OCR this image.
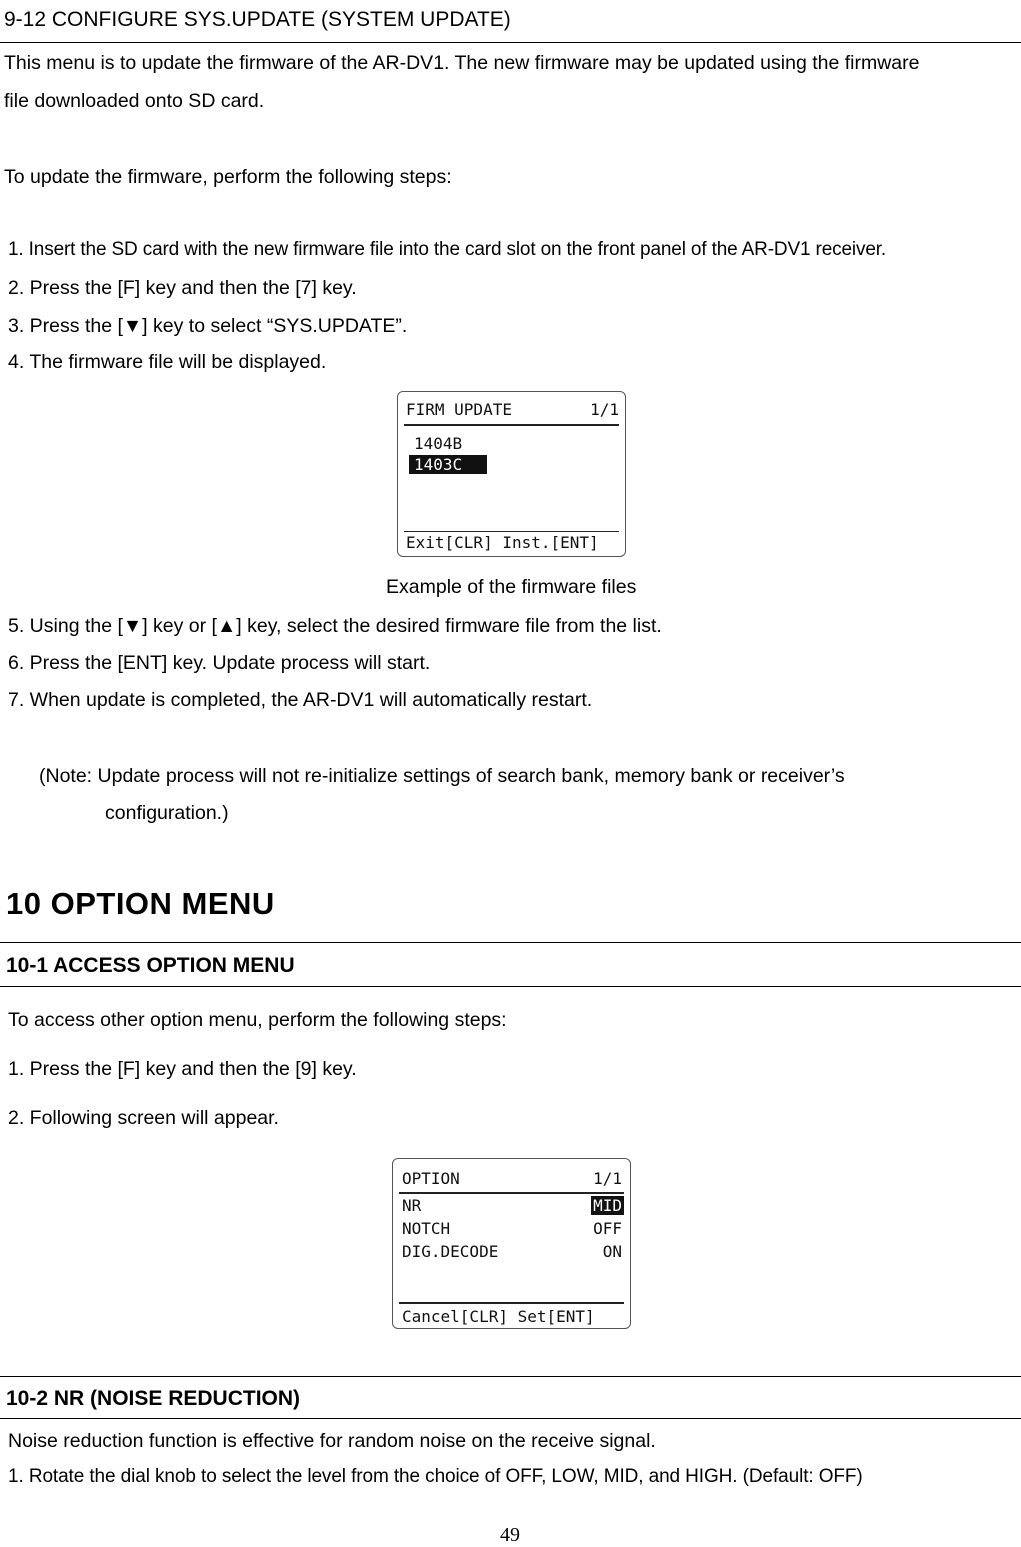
9-12 CONFIGURE SYS.UPDATE (SYSTEM UPDATE)
This menu is to update the firmware of the AR-DV1. The new firmware may be updated using the firmware
file downloaded onto SD card.
To update the firmware, perform the following steps:
1. Insert the SD card with the new firmware file into the card slot on the front panel of the AR-DV1 receiver.
2. Press the [F] key and then the [7] key.
3. Press the [▼] key to select “SYS.UPDATE”.
4. The firmware file will be displayed.
FIRM UPDATE	1/1
1404B
1403C
Exit[CLR] Inst.[ENT]
Example of the firmware files
5. Using the [▼] key or [▲] key, select the desired firmware file from the list.
6. Press the [ENT] key. Update process will start.
7. When update is completed, the AR-DV1 will automatically restart.
(Note: Update process will not re-initialize settings of search bank, memory bank or receiver’s
configuration.)
10 OPTION MENU
10-1 ACCESS OPTION MENU
To access other option menu, perform the following steps:
1. Press the [F] key and then the [9] key.
2. Following screen will appear.
OPTION	1/1
NR	MID
NOTCH	OFF
DIG.DECODE	ON
Cancel[CLR] Set[ENT]
10-2 NR (NOISE REDUCTION)
Noise reduction function is effective for random noise on the receive signal.
1. Rotate the dial knob to select the level from the choice of OFF, LOW, MID, and HIGH. (Default: OFF)
49
